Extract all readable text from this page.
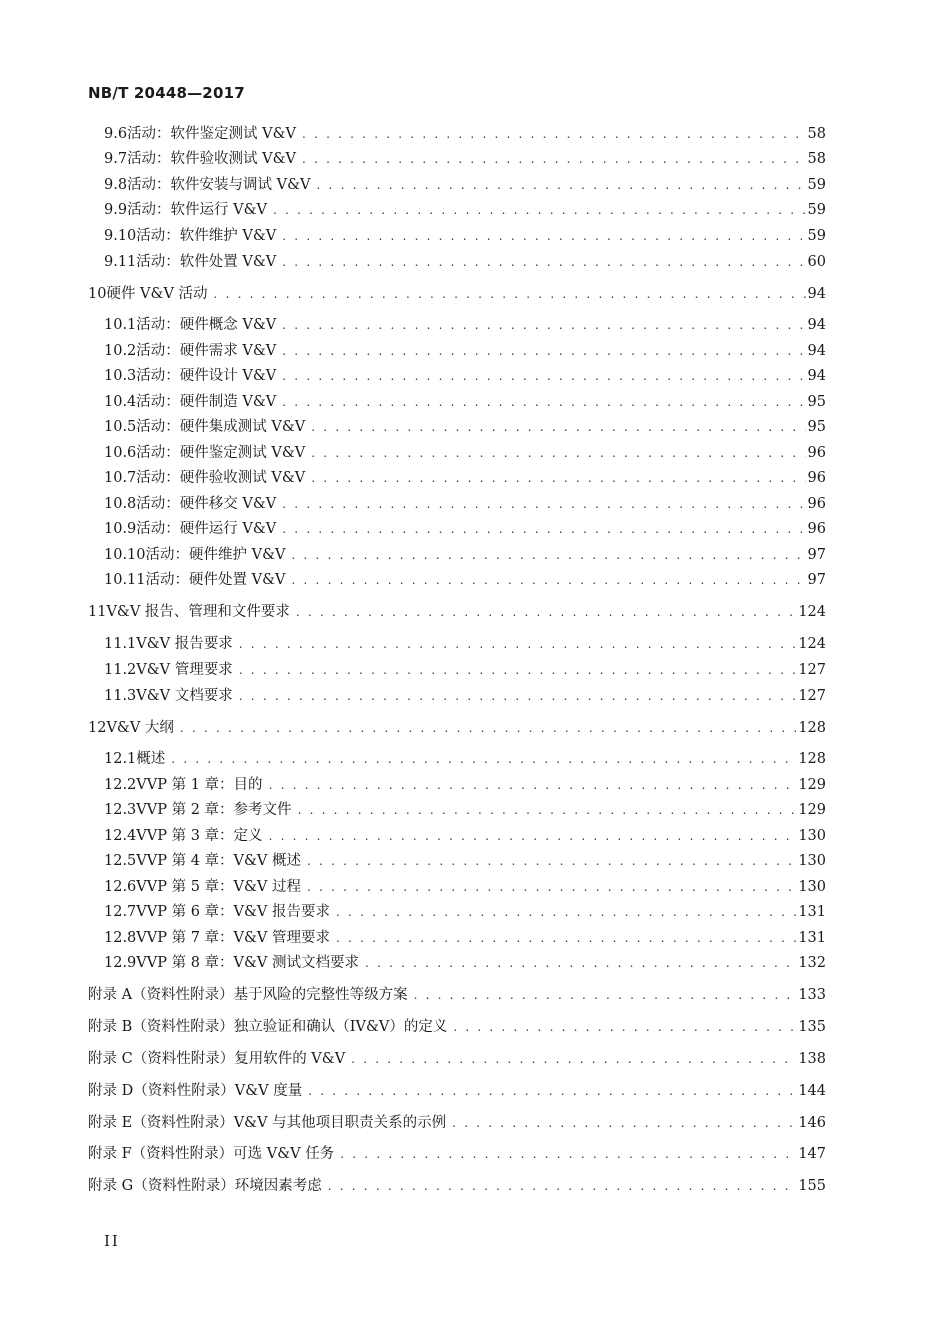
NB/T 20448—2017
9.6 活动：软件鉴定测试 V&V . . .	58
9.7 活动：软件验收测试 V&V . . .	58
9.8 活动：软件安装与调试 V&V . . .	59
9.9 活动：软件运行 V&V . . .	59
9.10 活动：软件维护 V&V . . .	59
9.11 活动：软件处置 V&V . . .	60
10 硬件 V&V 活动 . . .	94
10.1 活动：硬件概念 V&V . . .	94
10.2 活动：硬件需求 V&V . . .	94
10.3 活动：硬件设计 V&V . . .	94
10.4 活动：硬件制造 V&V . . .	95
10.5 活动：硬件集成测试 V&V . . .	95
10.6 活动：硬件鉴定测试 V&V . . .	96
10.7 活动：硬件验收测试 V&V . . .	96
10.8 活动：硬件移交 V&V . . .	96
10.9 活动：硬件运行 V&V . . .	96
10.10 活动：硬件维护 V&V . . .	97
10.11 活动：硬件处置 V&V . . .	97
11 V&V 报告、管理和文件要求 . . .	124
11.1 V&V 报告要求 . . .	124
11.2 V&V 管理要求 . . .	127
11.3 V&V 文档要求 . . .	127
12 V&V 大纲 . . .	128
12.1 概述 . . .	128
12.2 VVP 第 1 章：目的 . . .	129
12.3 VVP 第 2 章：参考文件 . . .	129
12.4 VVP 第 3 章：定义 . . .	130
12.5 VVP 第 4 章：V&V 概述 . . .	130
12.6 VVP 第 5 章：V&V 过程 . . .	130
12.7 VVP 第 6 章：V&V 报告要求 . . .	131
12.8 VVP 第 7 章：V&V 管理要求 . . .	131
12.9 VVP 第 8 章：V&V 测试文档要求 . . .	132
附录 A（资料性附录） 基于风险的完整性等级方案 . . .	133
附录 B（资料性附录） 独立验证和确认（IV&V）的定义 . . .	135
附录 C（资料性附录） 复用软件的 V&V . . .	138
附录 D（资料性附录） V&V 度量 . . .	144
附录 E（资料性附录） V&V 与其他项目职责关系的示例 . . .	146
附录 F（资料性附录） 可选 V&V 任务 . . .	147
附录 G（资料性附录） 环境因素考虑 . . .	155
II
